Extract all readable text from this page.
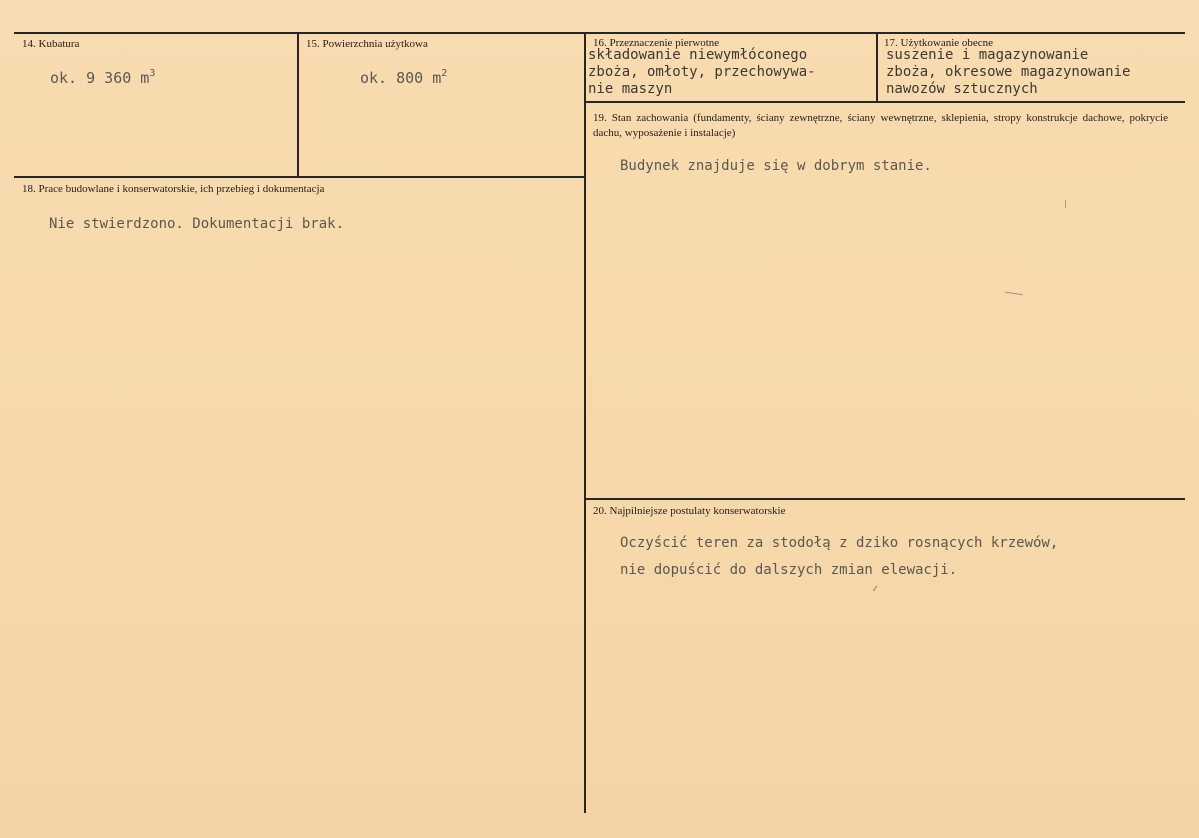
14. Kubatura
ok. 9 360 $m^3$
15. Powierzchnia użytkowa
ok. 800 $m^2$
16. Przeznaczenie pierwotne
składowanie niewymłóconego
zboża, omłoty, przechowywa-
nie maszyn
17. Użytkowanie obecne
suszenie i magazynowanie
zboża, okresowe magazynowanie
nawozów sztucznych
18. Prace budowlane i konserwatorskie, ich przebieg i dokumentacja
Nie stwierdzono. Dokumentacji brak.
19. Stan zachowania (fundamenty, ściany zewnętrzne, ściany wewnętrzne, sklepienia, stropy konstrukcje dachowe, pokrycie dachu, wyposażenie i instalacje)
Budynek znajduje się w dobrym stanie.
20. Najpilniejsze postulaty konserwatorskie
Oczyścić teren za stodołą z dziko rosnących krzewów,
nie dopuścić do dalszych zmian elewacji.
